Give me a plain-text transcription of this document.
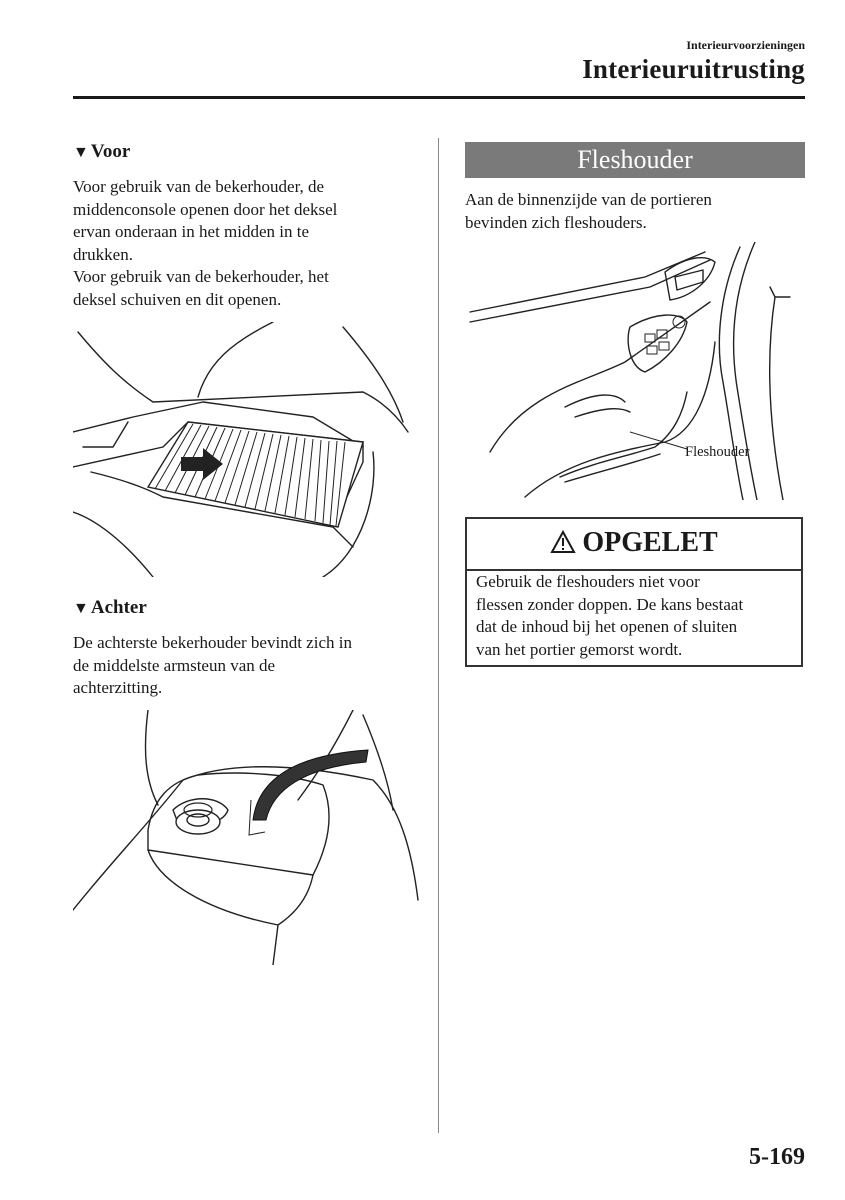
Interieurvoorzieningen
Interieuruitrusting
▼ Voor
Voor gebruik van de bekerhouder, de
middenconsole openen door het deksel
ervan onderaan in het midden in te
drukken.
Voor gebruik van de bekerhouder, het
deksel schuiven en dit openen.
▼ Achter
De achterste bekerhouder bevindt zich in
de middelste armsteun van de
achterzitting.
Fleshouder
Aan de binnenzijde van de portieren
bevinden zich fleshouders.
Fleshouder
OPGELET
Gebruik de fleshouders niet voor
flessen zonder doppen. De kans bestaat
dat de inhoud bij het openen of sluiten
van het portier gemorst wordt.
5-169
